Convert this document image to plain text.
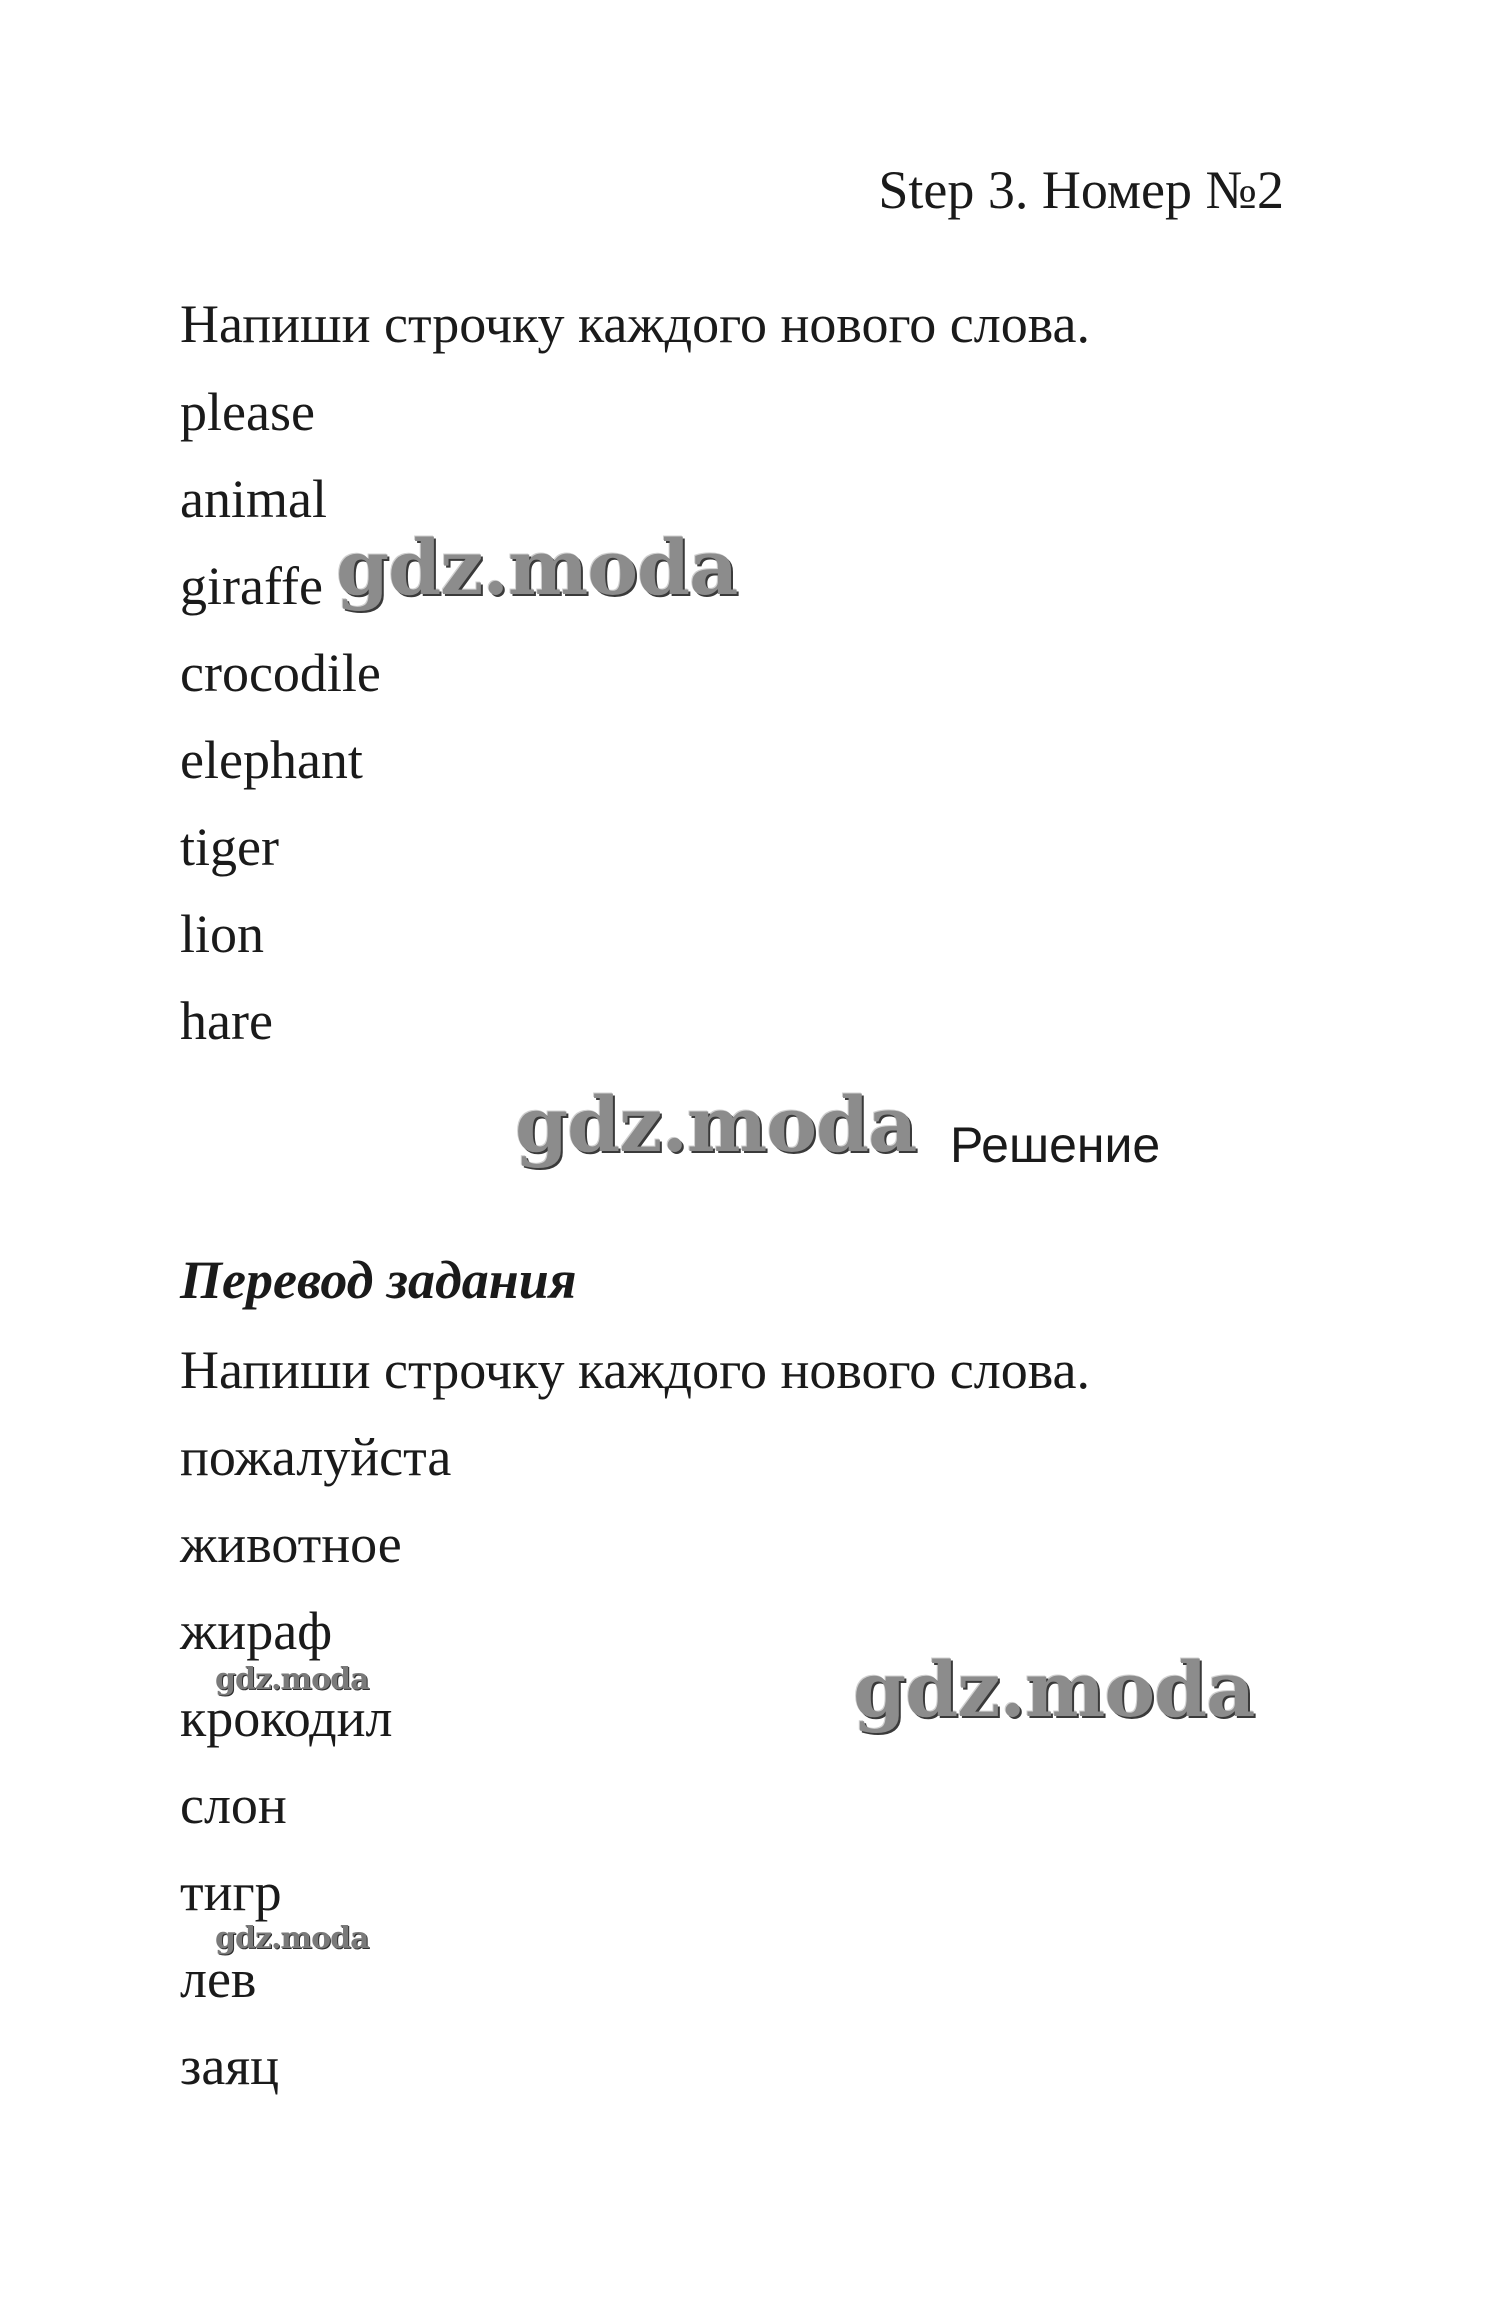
Step 3. Номер №2
Напиши строчку каждого нового слова.
please
animal
giraffe
crocodile
elephant
tiger
lion
hare
Решение
Перевод задания
Напиши строчку каждого нового слова.
пожалуйста
животное
жираф
крокодил
слон
тигр
лев
заяц
gdz.moda
gdz.moda
gdz.moda
gdz.moda
gdz.moda
